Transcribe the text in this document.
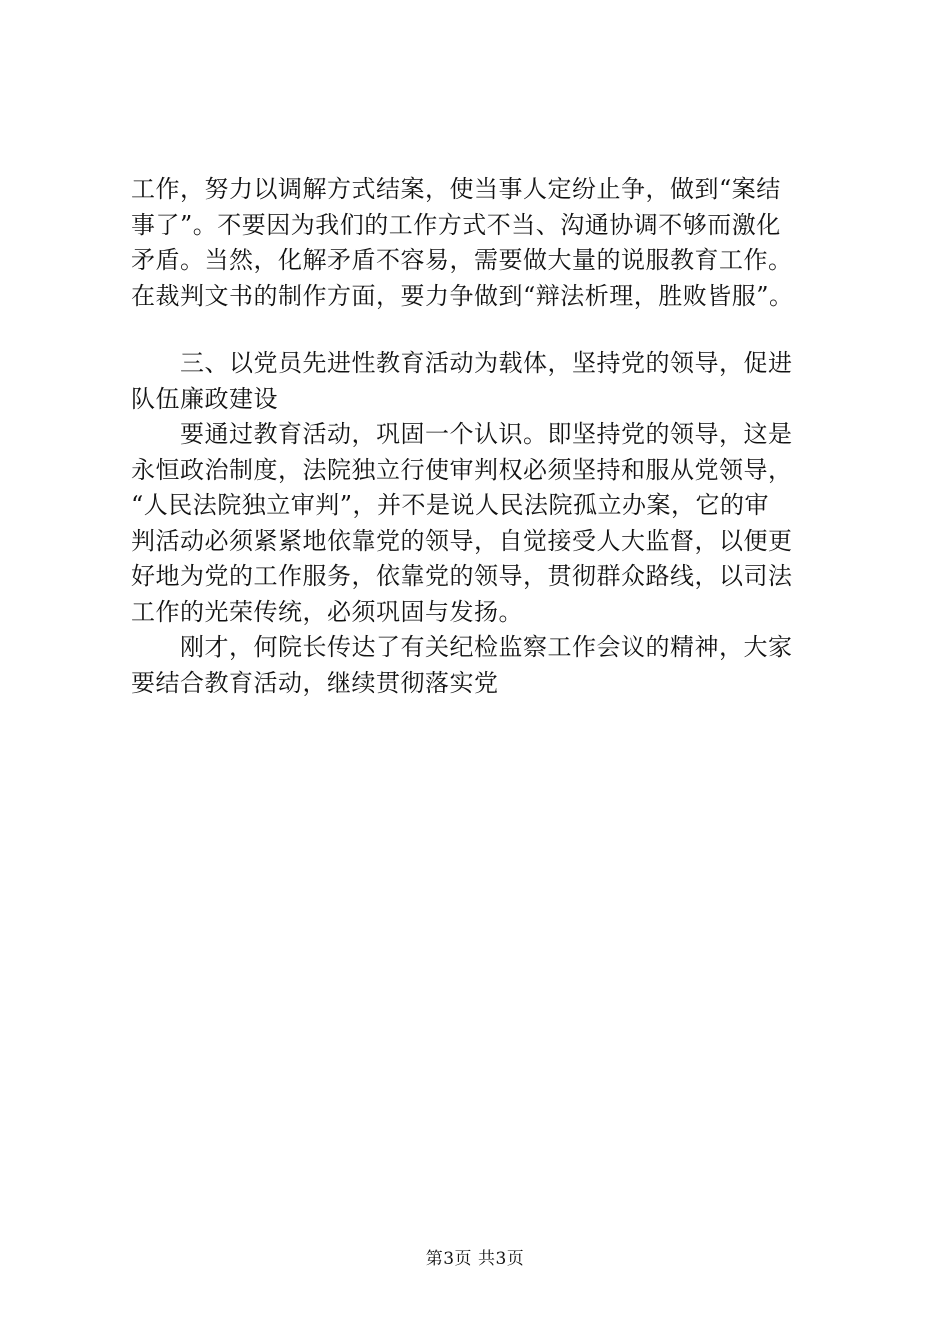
工作，努力以调解方式结案，使当事人定纷止争，做到“案结
事了”。不要因为我们的工作方式不当、沟通协调不够而激化
矛盾。当然，化解矛盾不容易，需要做大量的说服教育工作。
在裁判文书的制作方面，要力争做到“辩法析理，胜败皆服”。
　　三、以党员先进性教育活动为载体，坚持党的领导，促进
队伍廉政建设
　　要通过教育活动，巩固一个认识。即坚持党的领导，这是
永恒政治制度，法院独立行使审判权必须坚持和服从党领导，
“人民法院独立审判”，并不是说人民法院孤立办案，它的审
判活动必须紧紧地依靠党的领导，自觉接受人大监督，以便更
好地为党的工作服务，依靠党的领导，贯彻群众路线，以司法
工作的光荣传统，必须巩固与发扬。
　　刚才，何院长传达了有关纪检监察工作会议的精神，大家
要结合教育活动，继续贯彻落实党
第3页 共3页
